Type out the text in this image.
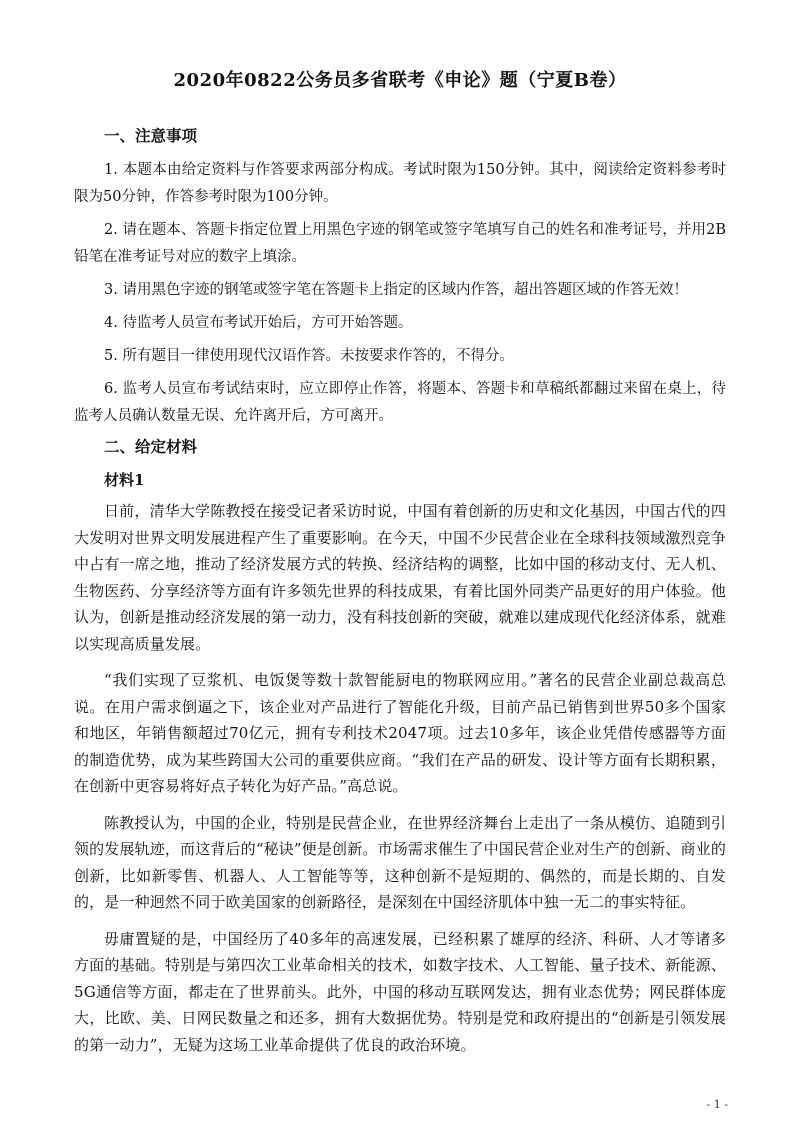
2020年0822公务员多省联考《申论》题（宁夏B卷）
一、注意事项

1. 本题本由给定资料与作答要求两部分构成。考试时限为150分钟。其中，阅读给定资料参考时限为50分钟，作答参考时限为100分钟。

2. 请在题本、答题卡指定位置上用黑色字迹的钢笔或签字笔填写自己的姓名和准考证号，并用2B铅笔在准考证号对应的数字上填涂。

3. 请用黑色字迹的钢笔或签字笔在答题卡上指定的区域内作答，超出答题区域的作答无效！

4. 待监考人员宣布考试开始后，方可开始答题。

5. 所有题目一律使用现代汉语作答。未按要求作答的，不得分。

6. 监考人员宣布考试结束时，应立即停止作答，将题本、答题卡和草稿纸都翻过来留在桌上，待监考人员确认数量无误、允许离开后，方可离开。

二、给定材料
材料1

日前，清华大学陈教授在接受记者采访时说，中国有着创新的历史和文化基因，中国古代的四大发明对世界文明发展进程产生了重要影响。在今天，中国不少民营企业在全球科技领域激烈竞争中占有一席之地，推动了经济发展方式的转换、经济结构的调整，比如中国的移动支付、无人机、生物医药、分享经济等方面有许多领先世界的科技成果，有着比国外同类产品更好的用户体验。他认为，创新是推动经济发展的第一动力，没有科技创新的突破，就难以建成现代化经济体系，就难以实现高质量发展。

“我们实现了豆浆机、电饭煲等数十款智能厨电的物联网应用。”著名的民营企业副总裁高总说。在用户需求倒逼之下，该企业对产品进行了智能化升级，目前产品已销售到世界50多个国家和地区，年销售额超过70亿元，拥有专利技术2047项。过去10多年，该企业凭借传感器等方面的制造优势，成为某些跨国大公司的重要供应商。“我们在产品的研发、设计等方面有长期积累，在创新中更容易将好点子转化为好产品。”高总说。

陈教授认为，中国的企业，特别是民营企业，在世界经济舞台上走出了一条从模仿、追随到引领的发展轨迹，而这背后的“秘诀”便是创新。市场需求催生了中国民营企业对生产的创新、商业的创新，比如新零售、机器人、人工智能等等，这种创新不是短期的、偶然的，而是长期的、自发的，是一种迥然不同于欧美国家的创新路径，是深刻在中国经济肌体中独一无二的事实特征。

毋庸置疑的是，中国经历了40多年的高速发展，已经积累了雄厚的经济、科研、人才等诸多方面的基础。特别是与第四次工业革命相关的技术，如数字技术、人工智能、量子技术、新能源、5G通信等方面，都走在了世界前头。此外，中国的移动互联网发达，拥有业态优势；网民群体庞大，比欧、美、日网民数量之和还多，拥有大数据优势。特别是党和政府提出的“创新是引领发展的第一动力”，无疑为这场工业革命提供了优良的政治环境。

- 1 -
